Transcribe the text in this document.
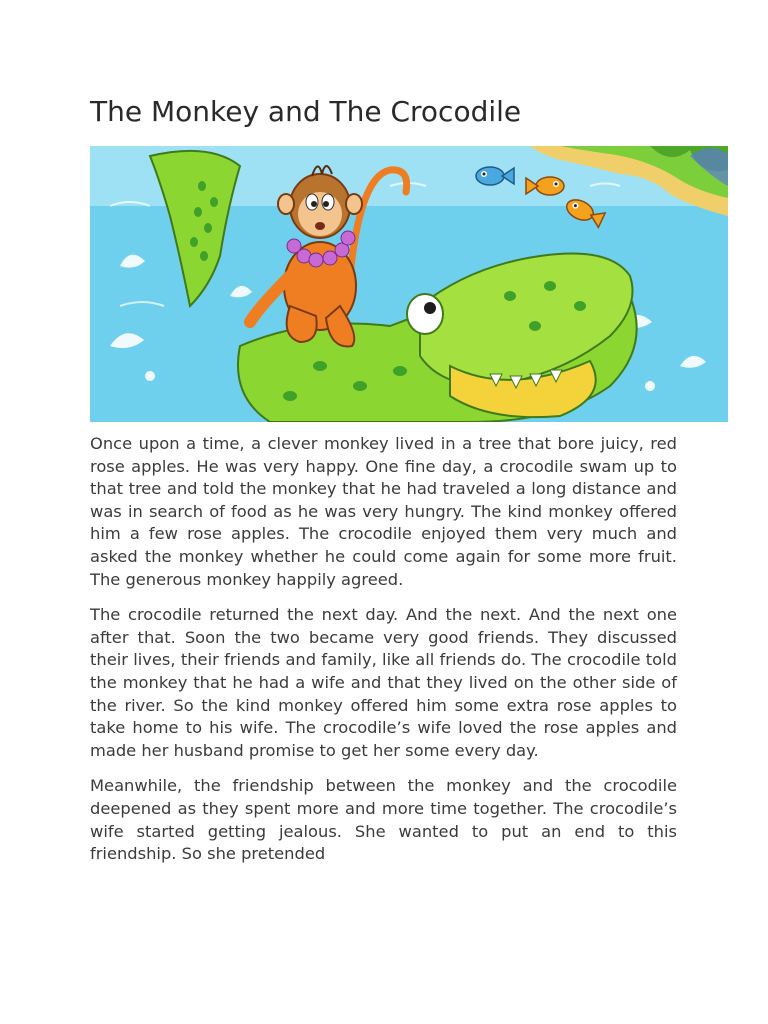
The Monkey and The Crocodile

Once upon a time, a clever monkey lived in a tree that bore juicy, red rose apples. He was very happy. One fine day, a crocodile swam up to that tree and told the monkey that he had traveled a long distance and was in search of food as he was very hungry. The kind monkey offered him a few rose apples. The crocodile enjoyed them very much and asked the monkey whether he could come again for some more fruit. The generous monkey happily agreed.

The crocodile returned the next day. And the next. And the next one after that. Soon the two became very good friends. They discussed their lives, their friends and family, like all friends do. The crocodile told the monkey that he had a wife and that they lived on the other side of the river. So the kind monkey offered him some extra rose apples to take home to his wife. The crocodile’s wife loved the rose apples and made her husband promise to get her some every day.

Meanwhile, the friendship between the monkey and the crocodile deepened as they spent more and more time together. The crocodile’s wife started getting jealous. She wanted to put an end to this friendship. So she pretended
